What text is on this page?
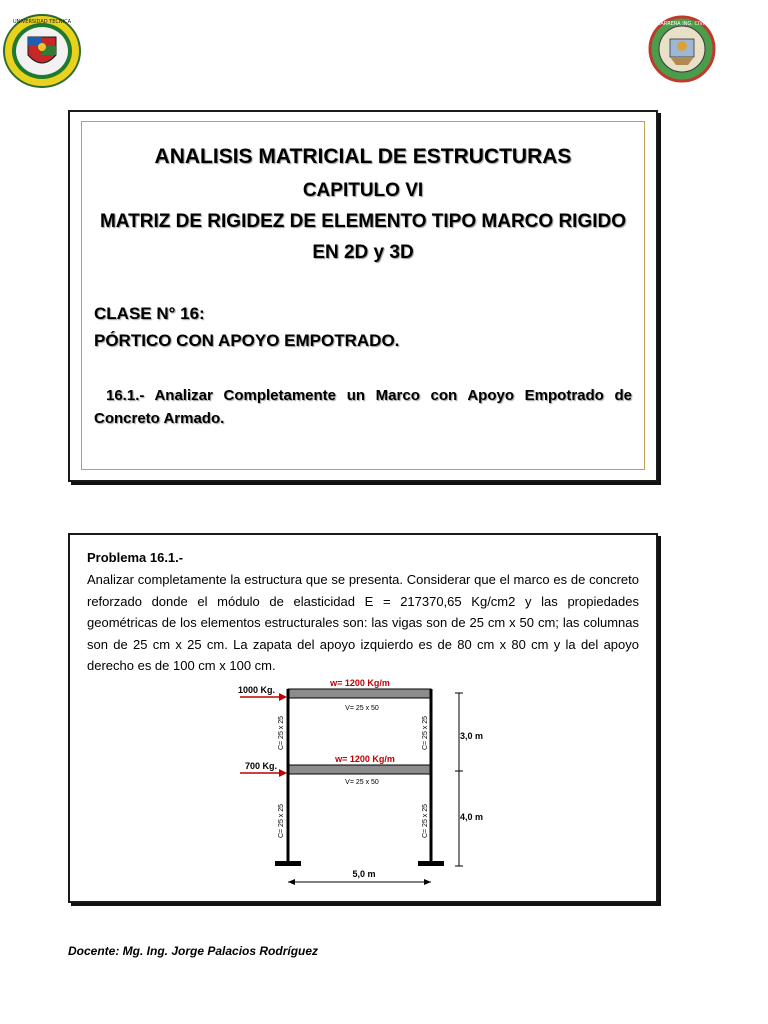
UNIVERSIDAD TECNICA	CARRERA ING. CIVIL
ANALISIS MATRICIAL DE ESTRUCTURAS
CAPITULO VI
MATRIZ DE RIGIDEZ DE ELEMENTO TIPO MARCO RIGIDO
EN 2D y 3D
CLASE N° 16:
PÓRTICO CON APOYO EMPOTRADO.
16.1.- Analizar Completamente un Marco con Apoyo Empotrado de Concreto Armado.
Problema 16.1.-
Analizar completamente la estructura que se presenta. Considerar que el marco es de concreto reforzado donde el módulo de elasticidad E = 217370,65 Kg/cm2 y las propiedades geométricas de los elementos estructurales son: las vigas son de 25 cm x 50 cm; las columnas son de 25 cm x 25 cm. La zapata del apoyo izquierdo es de 80 cm x 80 cm y la del apoyo derecho es de 100 cm x 100 cm.
1000 Kg.
700 Kg.
w= 1200 Kg/m
w= 1200 Kg/m
V= 25 x 50
V= 25 x 50
C= 25 x 25	C= 25 x 25
C= 25 x 25	C= 25 x 25
3,0 m
4,0 m
5,0 m
Docente: Mg. Ing. Jorge Palacios Rodríguez
